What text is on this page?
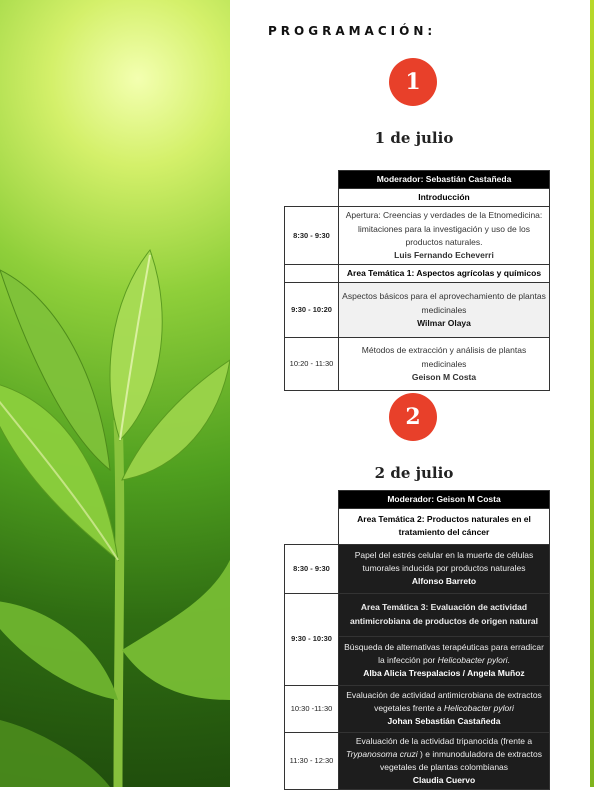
PROGRAMACIÓN:
1
1 de julio
	Moderador: Sebastián Castañeda
	Introducción
8:30 - 9:30	Apertura: Creencias y verdades de la Etnomedicina: limitaciones para la investigación y uso de los productos naturales.
Luis Fernando Echeverri

	Area Temática 1: Aspectos agrícolas y químicos
9:30 - 10:20	Aspectos básicos para el aprovechamiento de plantas medicinales
Wilmar Olaya

10:20 - 11:30	Métodos de extracción y análisis de plantas medicinales
Geison M Costa
2
2 de julio
	Moderador: Geison M Costa
	Area Temática 2: Productos naturales en el tratamiento del cáncer
8:30 - 9:30	Papel del estrés celular en la muerte de células tumorales inducida por productos naturales
Alfonso Barreto

9:30 - 10:30	Area Temática 3: Evaluación de actividad antimicrobiana de productos de origen natural
	Búsqueda de alternativas terapéuticas para erradicar la infección por Helicobacter pylori.
Alba Alicia Trespalacios / Angela Muñoz

10:30 -11:30	Evaluación de actividad antimicrobiana de extractos vegetales frente a Helicobacter pylori
Johan Sebastián Castañeda

11:30 - 12:30	Evaluación de la actividad tripanocida (frente a Trypanosoma cruzi ) e inmunoduladora de extractos vegetales de plantas colombianas
Claudia Cuervo
